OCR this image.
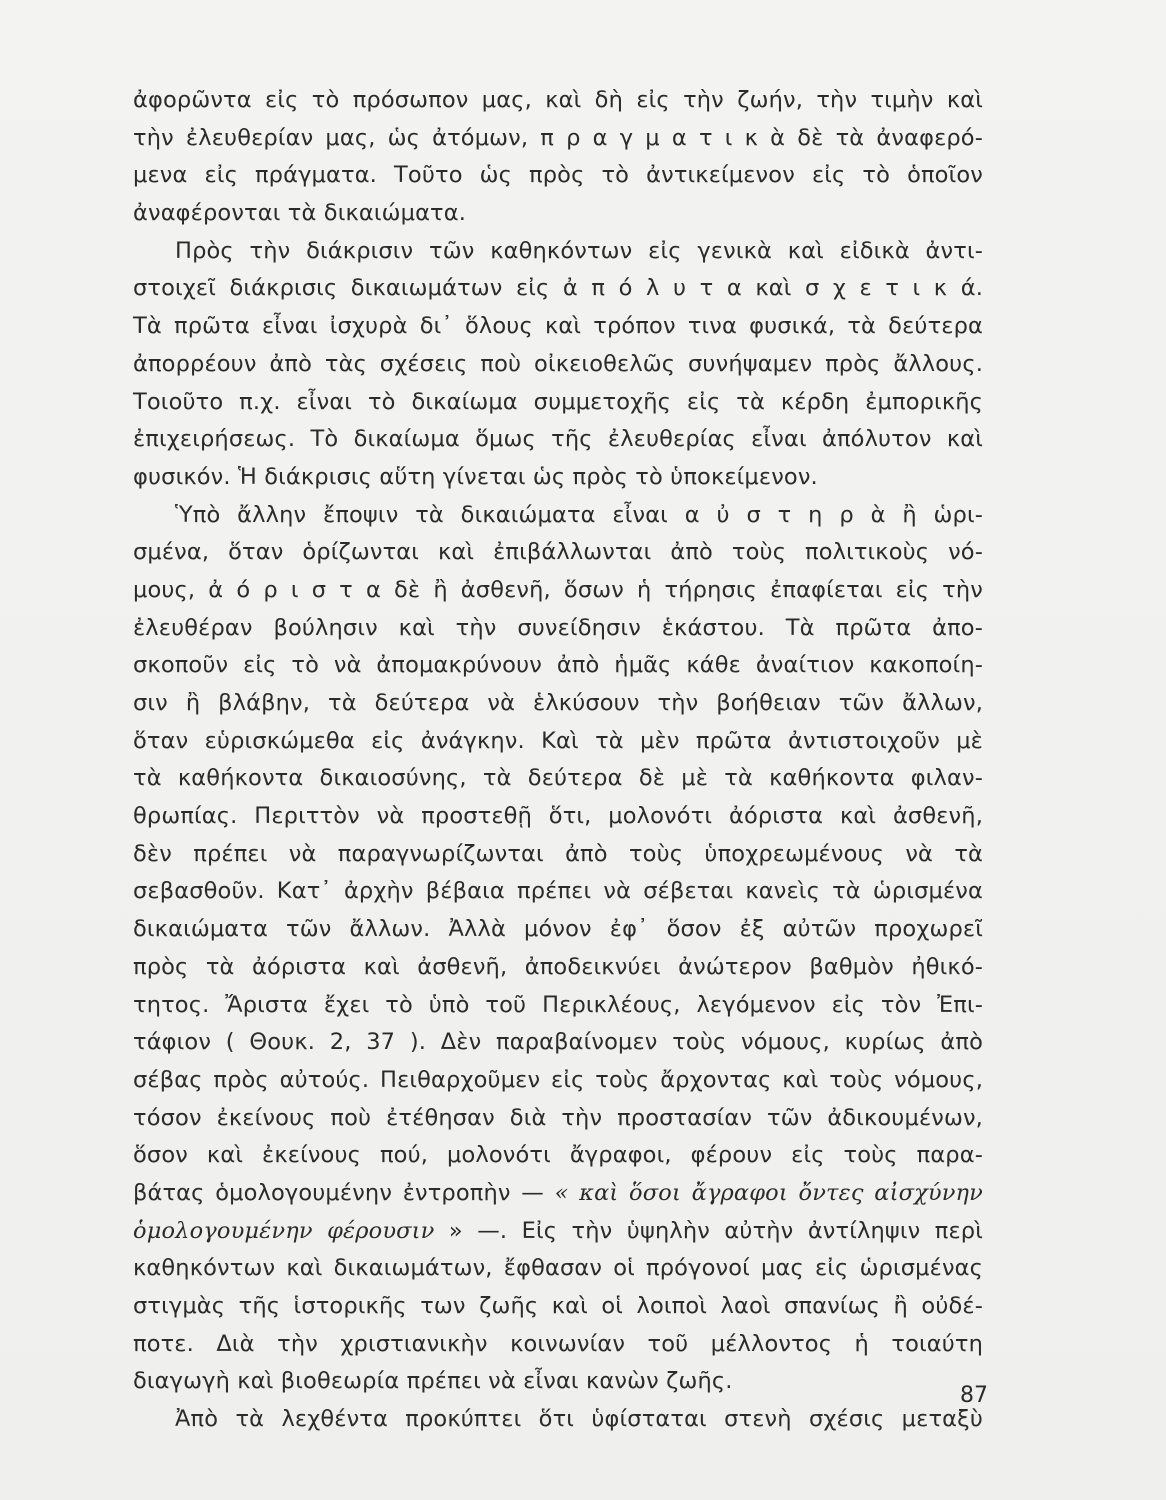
ἀφορῶντα εἰς τὸ πρόσωπον μας, καὶ δὴ εἰς τὴν ζωήν, τὴν τιμὴν καὶ
τὴν ἐλευθερίαν μας, ὡς ἀτόμων, π ρ α γ μ α τ ι κ ὰ δὲ τὰ ἀναφερό-
μενα εἰς πράγματα. Τοῦτο ὡς πρὸς τὸ ἀντικείμενον εἰς τὸ ὁποῖον
ἀναφέρονται τὰ δικαιώματα.
Πρὸς τὴν διάκρισιν τῶν καθηκόντων εἰς γενικὰ καὶ εἰδικὰ ἀντι-
στοιχεῖ διάκρισις δικαιωμάτων εἰς ἀ π ό λ υ τ α καὶ σ χ ε τ ι κ ά.
Τὰ πρῶτα εἶναι ἰσχυρὰ δι᾽ ὅλους καὶ τρόπον τινα φυσικά, τὰ δεύτερα
ἀπορρέουν ἀπὸ τὰς σχέσεις ποὺ οἰκειοθελῶς συνήψαμεν πρὸς ἄλλους.
Τοιοῦτο π.χ. εἶναι τὸ δικαίωμα συμμετοχῆς εἰς τὰ κέρδη ἐμπορικῆς
ἐπιχειρήσεως. Τὸ δικαίωμα ὅμως τῆς ἐλευθερίας εἶναι ἀπόλυτον καὶ
φυσικόν. Ἡ διάκρισις αὕτη γίνεται ὡς πρὸς τὸ ὑποκείμενον.
Ὑπὸ ἄλλην ἔποψιν τὰ δικαιώματα εἶναι α ὐ σ τ η ρ ὰ ἢ ὡρι-
σμένα, ὅταν ὁρίζωνται καὶ ἐπιβάλλωνται ἀπὸ τοὺς πολιτικοὺς νό-
μους, ἀ ό ρ ι σ τ α δὲ ἢ ἀσθενῆ, ὅσων ἡ τήρησις ἐπαφίεται εἰς τὴν
ἐλευθέραν βούλησιν καὶ τὴν συνείδησιν ἑκάστου. Τὰ πρῶτα ἀπο-
σκοποῦν εἰς τὸ νὰ ἀπομακρύνουν ἀπὸ ἡμᾶς κάθε ἀναίτιον κακοποίη-
σιν ἢ βλάβην, τὰ δεύτερα νὰ ἑλκύσουν τὴν βοήθειαν τῶν ἄλλων,
ὅταν εὑρισκώμεθα εἰς ἀνάγκην. Καὶ τὰ μὲν πρῶτα ἀντιστοιχοῦν μὲ
τὰ καθήκοντα δικαιοσύνης, τὰ δεύτερα δὲ μὲ τὰ καθήκοντα φιλαν-
θρωπίας. Περιττὸν νὰ προστεθῇ ὅτι, μολονότι ἀόριστα καὶ ἀσθενῆ,
δὲν πρέπει νὰ παραγνωρίζωνται ἀπὸ τοὺς ὑποχρεωμένους νὰ τὰ
σεβασθοῦν. Κατ᾽ ἀρχὴν βέβαια πρέπει νὰ σέβεται κανεὶς τὰ ὡρισμένα
δικαιώματα τῶν ἄλλων. Ἀλλὰ μόνον ἐφ᾽ ὅσον ἐξ αὐτῶν προχωρεῖ
πρὸς τὰ ἀόριστα καὶ ἀσθενῆ, ἀποδεικνύει ἀνώτερον βαθμὸν ἠθικό-
τητος. Ἄριστα ἔχει τὸ ὑπὸ τοῦ Περικλέους, λεγόμενον εἰς τὸν Ἐπι-
τάφιον ( Θουκ. 2, 37 ). Δὲν παραβαίνομεν τοὺς νόμους, κυρίως ἀπὸ
σέβας πρὸς αὐτούς. Πειθαρχοῦμεν εἰς τοὺς ἄρχοντας καὶ τοὺς νόμους,
τόσον ἐκείνους ποὺ ἐτέθησαν διὰ τὴν προστασίαν τῶν ἀδικουμένων,
ὅσον καὶ ἐκείνους πού, μολονότι ἄγραφοι, φέρουν εἰς τοὺς παρα-
βάτας ὁμολογουμένην ἐντροπὴν — « καὶ ὅσοι ἄγραφοι ὄντες αἰσχύνην
ὁμολογουμένην φέρουσιν » —. Εἰς τὴν ὑψηλὴν αὐτὴν ἀντίληψιν περὶ
καθηκόντων καὶ δικαιωμάτων, ἔφθασαν οἱ πρόγονοί μας εἰς ὡρισμένας
στιγμὰς τῆς ἱστορικῆς των ζωῆς καὶ οἱ λοιποὶ λαοὶ σπανίως ἢ οὐδέ-
ποτε. Διὰ τὴν χριστιανικὴν κοινωνίαν τοῦ μέλλοντος ἡ τοιαύτη
διαγωγὴ καὶ βιοθεωρία πρέπει νὰ εἶναι κανὼν ζωῆς.
Ἀπὸ τὰ λεχθέντα προκύπτει ὅτι ὑφίσταται στενὴ σχέσις μεταξὺ
87
